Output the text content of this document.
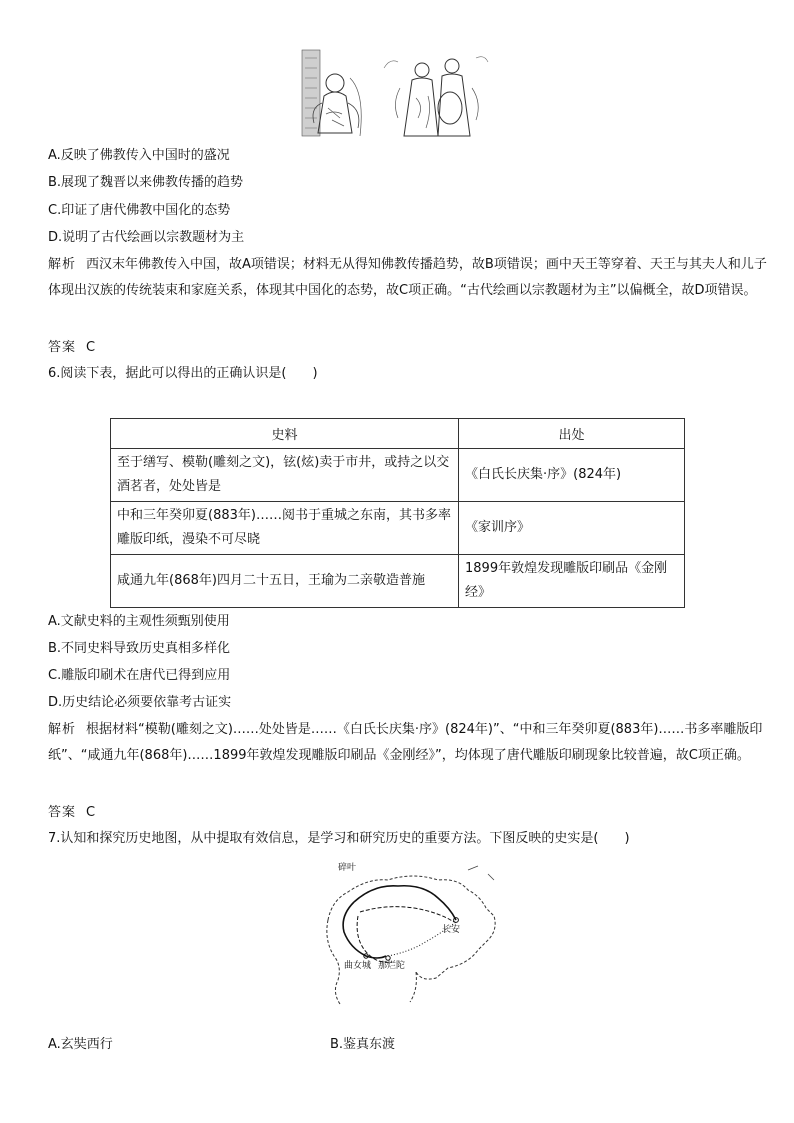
A.反映了佛教传入中国时的盛况
B.展现了魏晋以来佛教传播的趋势
C.印证了唐代佛教中国化的态势
D.说明了古代绘画以宗教题材为主
解析 西汉末年佛教传入中国，故A项错误；材料无从得知佛教传播趋势，故B项错误；画中天王等穿着、天王与其夫人和儿子体现出汉族的传统装束和家庭关系，体现其中国化的态势，故C项正确。“古代绘画以宗教题材为主”以偏概全，故D项错误。
答案 C
6.阅读下表，据此可以得出的正确认识是(　　)
史料	出处
至于缮写、模勒(雕刻之文)，铉(炫)卖于市井，或持之以交酒茗者，处处皆是	《白氏长庆集·序》(824年)
中和三年癸卯夏(883年)……阅书于重城之东南，其书多率雕版印纸，漫染不可尽晓	《家训序》
咸通九年(868年)四月二十五日，王瑜为二亲敬造普施	1899年敦煌发现雕版印刷品《金刚经》
A.文献史料的主观性须甄别使用
B.不同史料导致历史真相多样化
C.雕版印刷术在唐代已得到应用
D.历史结论必须要依靠考古证实
解析 根据材料“模勒(雕刻之文)……处处皆是……《白氏长庆集·序》(824年)”、“中和三年癸卯夏(883年)……书多率雕版印纸”、“咸通九年(868年)……1899年敦煌发现雕版印刷品《金刚经》”，均体现了唐代雕版印刷现象比较普遍，故C项正确。
答案 C
7.认知和探究历史地图，从中提取有效信息，是学习和研究历史的重要方法。下图反映的史实是(　　)
碎叶
长安
曲女城 那烂陀
A.玄奘西行	B.鉴真东渡
